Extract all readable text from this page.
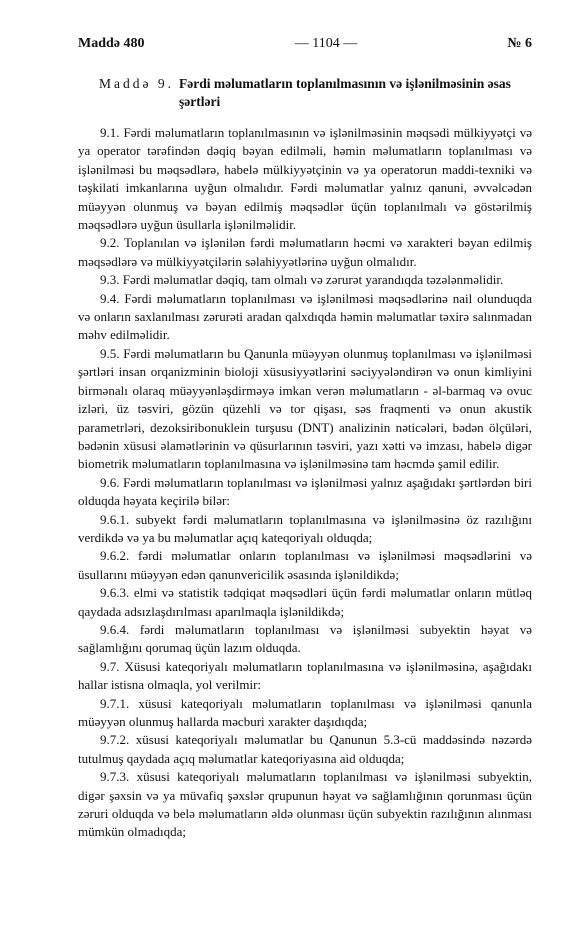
Maddə 480	— 1104 —	№ 6
Maddə 9. Fərdi məlumatların toplanılmasının və işlənilməsinin əsas şərtləri

9.1. Fərdi məlumatların toplanılmasının və işlənilməsinin məqsədi mülkiyyətçi və ya operator tərəfindən dəqiq bəyan edilməli, həmin məlumatların toplanılması və işlənilməsi bu məqsədlərə, habelə mülkiyyətçinin və ya operatorun maddi-texniki və təşkilati imkanlarına uyğun olmalıdır. Fərdi məlumatlar yalnız qanuni, əvvəlcədən müəyyən olunmuş və bəyan edilmiş məqsədlər üçün toplanılmalı və göstərilmiş məqsədlərə uyğun üsullarla işlənilməlidir.

9.2. Toplanılan və işlənilən fərdi məlumatların həcmi və xarakteri bəyan edilmiş məqsədlərə və mülkiyyətçilərin səlahiyyətlərinə uyğun olmalıdır.

9.3. Fərdi məlumatlar dəqiq, tam olmalı və zərurət yarandıqda təzələnməlidir.

9.4. Fərdi məlumatların toplanılması və işlənilməsi məqsədlərinə nail olunduqda və onların saxlanılması zərurəti aradan qalxdıqda həmin məlumatlar təxirə salınmadan məhv edilməlidir.

9.5. Fərdi məlumatların bu Qanunla müəyyən olunmuş toplanılması və işlənilməsi şərtləri insan orqanizminin bioloji xüsusiyyətlərini səciyyələndirən və onun kimliyini birmənalı olaraq müəyyənləşdirməyə imkan verən məlumatların - əl-barmaq və ovuc izləri, üz təsviri, gözün qüzehli və tor qişası, səs fraqmenti və onun akustik parametrləri, dezoksiribonuklein turşusu (DNT) analizinin nəticələri, bədən ölçüləri, bədənin xüsusi əlamətlərinin və qüsurlarının təsviri, yazı xətti və imzası, habelə digər biometrik məlumatların toplanılmasına və işlənilməsinə tam həcmdə şamil edilir.

9.6. Fərdi məlumatların toplanılması və işlənilməsi yalnız aşağıdakı şərtlərdən biri olduqda həyata keçirilə bilər:

9.6.1. subyekt fərdi məlumatların toplanılmasına və işlənilməsinə öz razılığını verdikdə və ya bu məlumatlar açıq kateqoriyalı olduqda;

9.6.2. fərdi məlumatlar onların toplanılması və işlənilməsi məqsədlərini və üsullarını müəyyən edən qanunvericilik əsasında işlənildikdə;

9.6.3. elmi və statistik tədqiqat məqsədləri üçün fərdi məlumatlar onların mütləq qaydada adsızlaşdırılması aparılmaqla işlənildikdə;

9.6.4. fərdi məlumatların toplanılması və işlənilməsi subyektin həyat və sağlamlığını qorumaq üçün lazım olduqda.

9.7. Xüsusi kateqoriyalı məlumatların toplanılmasına və işlənilməsinə, aşağıdakı hallar istisna olmaqla, yol verilmir:

9.7.1. xüsusi kateqoriyalı məlumatların toplanılması və işlənilməsi qanunla müəyyən olunmuş hallarda məcburi xarakter daşıdıqda;

9.7.2. xüsusi kateqoriyalı məlumatlar bu Qanunun 5.3-cü maddəsində nəzərdə tutulmuş qaydada açıq məlumatlar kateqoriyasına aid olduqda;

9.7.3. xüsusi kateqoriyalı məlumatların toplanılması və işlənilməsi subyektin, digər şəxsin və ya müvafiq şəxslər qrupunun həyat və sağlamlığının qorunması üçün zəruri olduqda və belə məlumatların əldə olunması üçün subyektin razılığının alınması mümkün olmadıqda;
